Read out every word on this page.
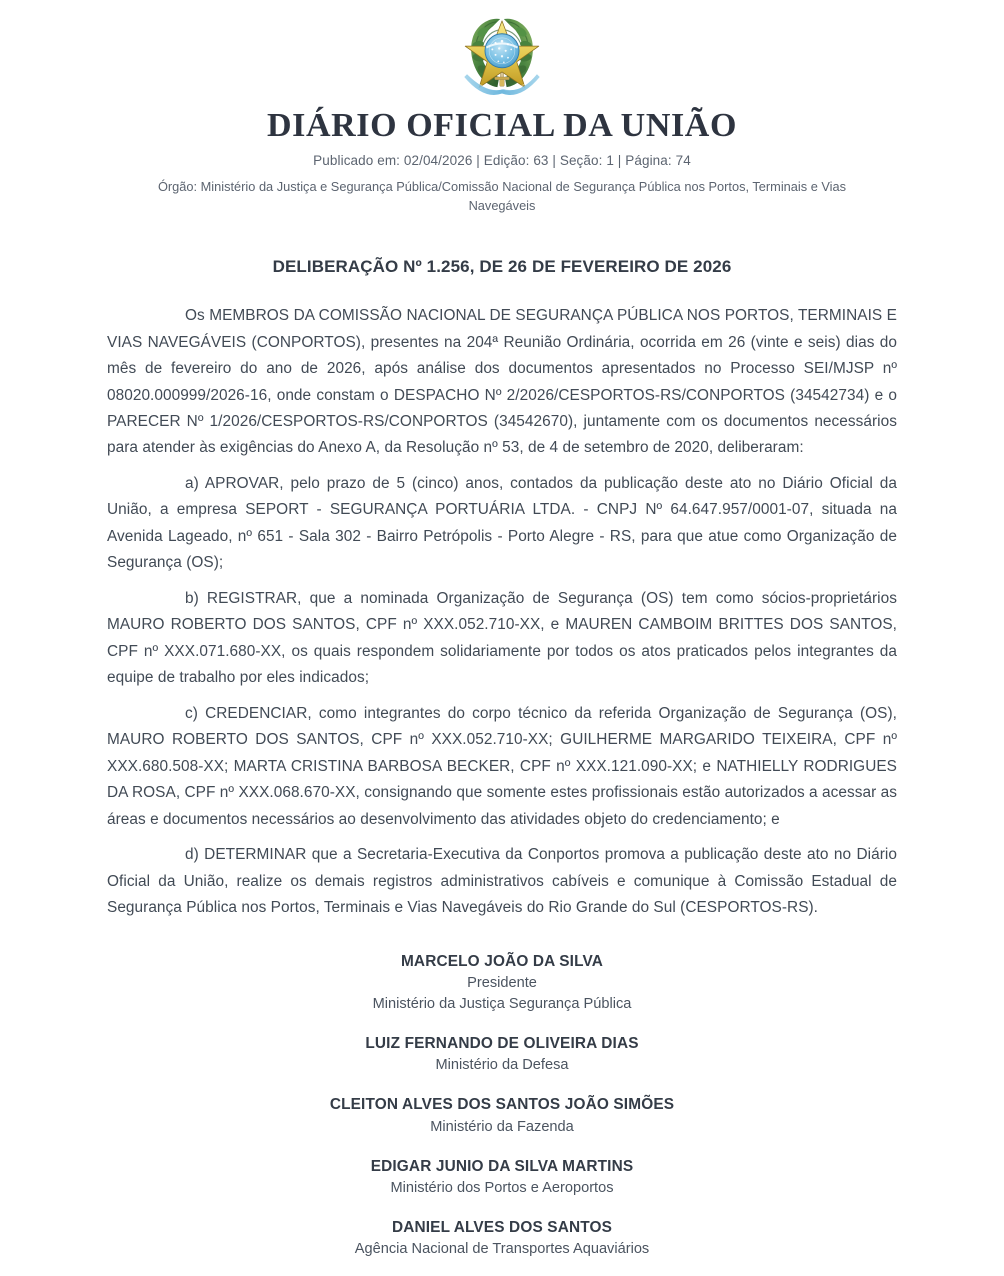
DIÁRIO OFICIAL DA UNIÃO
Publicado em: 02/04/2026 | Edição: 63 | Seção: 1 | Página: 74
Órgão: Ministério da Justiça e Segurança Pública/Comissão Nacional de Segurança Pública nos Portos, Terminais e Vias Navegáveis
DELIBERAÇÃO Nº 1.256, DE 26 DE FEVEREIRO DE 2026

Os MEMBROS DA COMISSÃO NACIONAL DE SEGURANÇA PÚBLICA NOS PORTOS, TERMINAIS E VIAS NAVEGÁVEIS (CONPORTOS), presentes na 204ª Reunião Ordinária, ocorrida em 26 (vinte e seis) dias do mês de fevereiro do ano de 2026, após análise dos documentos apresentados no Processo SEI/MJSP nº 08020.000999/2026-16, onde constam o DESPACHO Nº 2/2026/CESPORTOS-RS/CONPORTOS (34542734) e o PARECER Nº 1/2026/CESPORTOS-RS/CONPORTOS (34542670), juntamente com os documentos necessários para atender às exigências do Anexo A, da Resolução nº 53, de 4 de setembro de 2020, deliberaram:

a) APROVAR, pelo prazo de 5 (cinco) anos, contados da publicação deste ato no Diário Oficial da União, a empresa SEPORT - SEGURANÇA PORTUÁRIA LTDA. - CNPJ Nº 64.647.957/0001-07, situada na Avenida Lageado, nº 651 - Sala 302 - Bairro Petrópolis - Porto Alegre - RS, para que atue como Organização de Segurança (OS);

b) REGISTRAR, que a nominada Organização de Segurança (OS) tem como sócios-proprietários MAURO ROBERTO DOS SANTOS, CPF nº XXX.052.710-XX, e MAUREN CAMBOIM BRITTES DOS SANTOS, CPF nº XXX.071.680-XX, os quais respondem solidariamente por todos os atos praticados pelos integrantes da equipe de trabalho por eles indicados;

c) CREDENCIAR, como integrantes do corpo técnico da referida Organização de Segurança (OS), MAURO ROBERTO DOS SANTOS, CPF nº XXX.052.710-XX; GUILHERME MARGARIDO TEIXEIRA, CPF nº XXX.680.508-XX; MARTA CRISTINA BARBOSA BECKER, CPF nº XXX.121.090-XX; e NATHIELLY RODRIGUES DA ROSA, CPF nº XXX.068.670-XX, consignando que somente estes profissionais estão autorizados a acessar as áreas e documentos necessários ao desenvolvimento das atividades objeto do credenciamento; e

d) DETERMINAR que a Secretaria-Executiva da Conportos promova a publicação deste ato no Diário Oficial da União, realize os demais registros administrativos cabíveis e comunique à Comissão Estadual de Segurança Pública nos Portos, Terminais e Vias Navegáveis do Rio Grande do Sul (CESPORTOS-RS).

MARCELO JOÃO DA SILVA
Presidente
Ministério da Justiça Segurança Pública
LUIZ FERNANDO DE OLIVEIRA DIAS
Ministério da Defesa
CLEITON ALVES DOS SANTOS JOÃO SIMÕES
Ministério da Fazenda
EDIGAR JUNIO DA SILVA MARTINS
Ministério dos Portos e Aeroportos
DANIEL ALVES DOS SANTOS
Agência Nacional de Transportes Aquaviários
